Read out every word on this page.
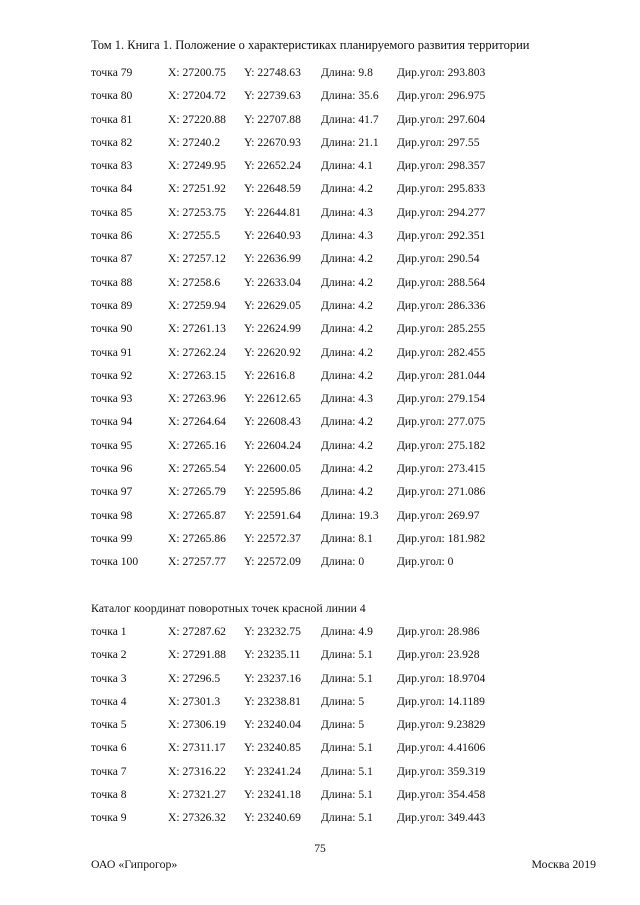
Том 1. Книга 1. Положение о характеристиках планируемого развития территории
точка 79	X: 27200.75 Y: 22748.63 Длина: 9.8 Дир.угол: 293.803
точка 80	X: 27204.72 Y: 22739.63 Длина: 35.6 Дир.угол: 296.975
точка 81	X: 27220.88 Y: 22707.88 Длина: 41.7 Дир.угол: 297.604
точка 82	X: 27240.2 Y: 22670.93 Длина: 21.1 Дир.угол: 297.55
точка 83	X: 27249.95 Y: 22652.24 Длина: 4.1 Дир.угол: 298.357
точка 84	X: 27251.92 Y: 22648.59 Длина: 4.2 Дир.угол: 295.833
точка 85	X: 27253.75 Y: 22644.81 Длина: 4.3 Дир.угол: 294.277
точка 86	X: 27255.5 Y: 22640.93 Длина: 4.3 Дир.угол: 292.351
точка 87	X: 27257.12 Y: 22636.99 Длина: 4.2 Дир.угол: 290.54
точка 88	X: 27258.6 Y: 22633.04 Длина: 4.2 Дир.угол: 288.564
точка 89	X: 27259.94 Y: 22629.05 Длина: 4.2 Дир.угол: 286.336
точка 90	X: 27261.13 Y: 22624.99 Длина: 4.2 Дир.угол: 285.255
точка 91	X: 27262.24 Y: 22620.92 Длина: 4.2 Дир.угол: 282.455
точка 92	X: 27263.15 Y: 22616.8 Длина: 4.2 Дир.угол: 281.044
точка 93	X: 27263.96 Y: 22612.65 Длина: 4.3 Дир.угол: 279.154
точка 94	X: 27264.64 Y: 22608.43 Длина: 4.2 Дир.угол: 277.075
точка 95	X: 27265.16 Y: 22604.24 Длина: 4.2 Дир.угол: 275.182
точка 96	X: 27265.54 Y: 22600.05 Длина: 4.2 Дир.угол: 273.415
точка 97	X: 27265.79 Y: 22595.86 Длина: 4.2 Дир.угол: 271.086
точка 98	X: 27265.87 Y: 22591.64 Длина: 19.3 Дир.угол: 269.97
точка 99	X: 27265.86 Y: 22572.37 Длина: 8.1 Дир.угол: 181.982
точка 100	X: 27257.77 Y: 22572.09 Длина: 0	Дир.угол: 0
Каталог координат поворотных точек красной линии 4
точка 1	X: 27287.62 Y: 23232.75 Длина: 4.9 Дир.угол: 28.986
точка 2	X: 27291.88 Y: 23235.11 Длина: 5.1 Дир.угол: 23.928
точка 3	X: 27296.5 Y: 23237.16 Длина: 5.1 Дир.угол: 18.9704
точка 4	X: 27301.3 Y: 23238.81 Длина: 5	Дир.угол: 14.1189
точка 5	X: 27306.19 Y: 23240.04 Длина: 5	Дир.угол: 9.23829
точка 6	X: 27311.17 Y: 23240.85 Длина: 5.1 Дир.угол: 4.41606
точка 7	X: 27316.22 Y: 23241.24 Длина: 5.1 Дир.угол: 359.319
точка 8	X: 27321.27 Y: 23241.18 Длина: 5.1 Дир.угол: 354.458
точка 9	X: 27326.32 Y: 23240.69 Длина: 5.1 Дир.угол: 349.443
75
ОАО «Гипрогор»	Москва 2019
